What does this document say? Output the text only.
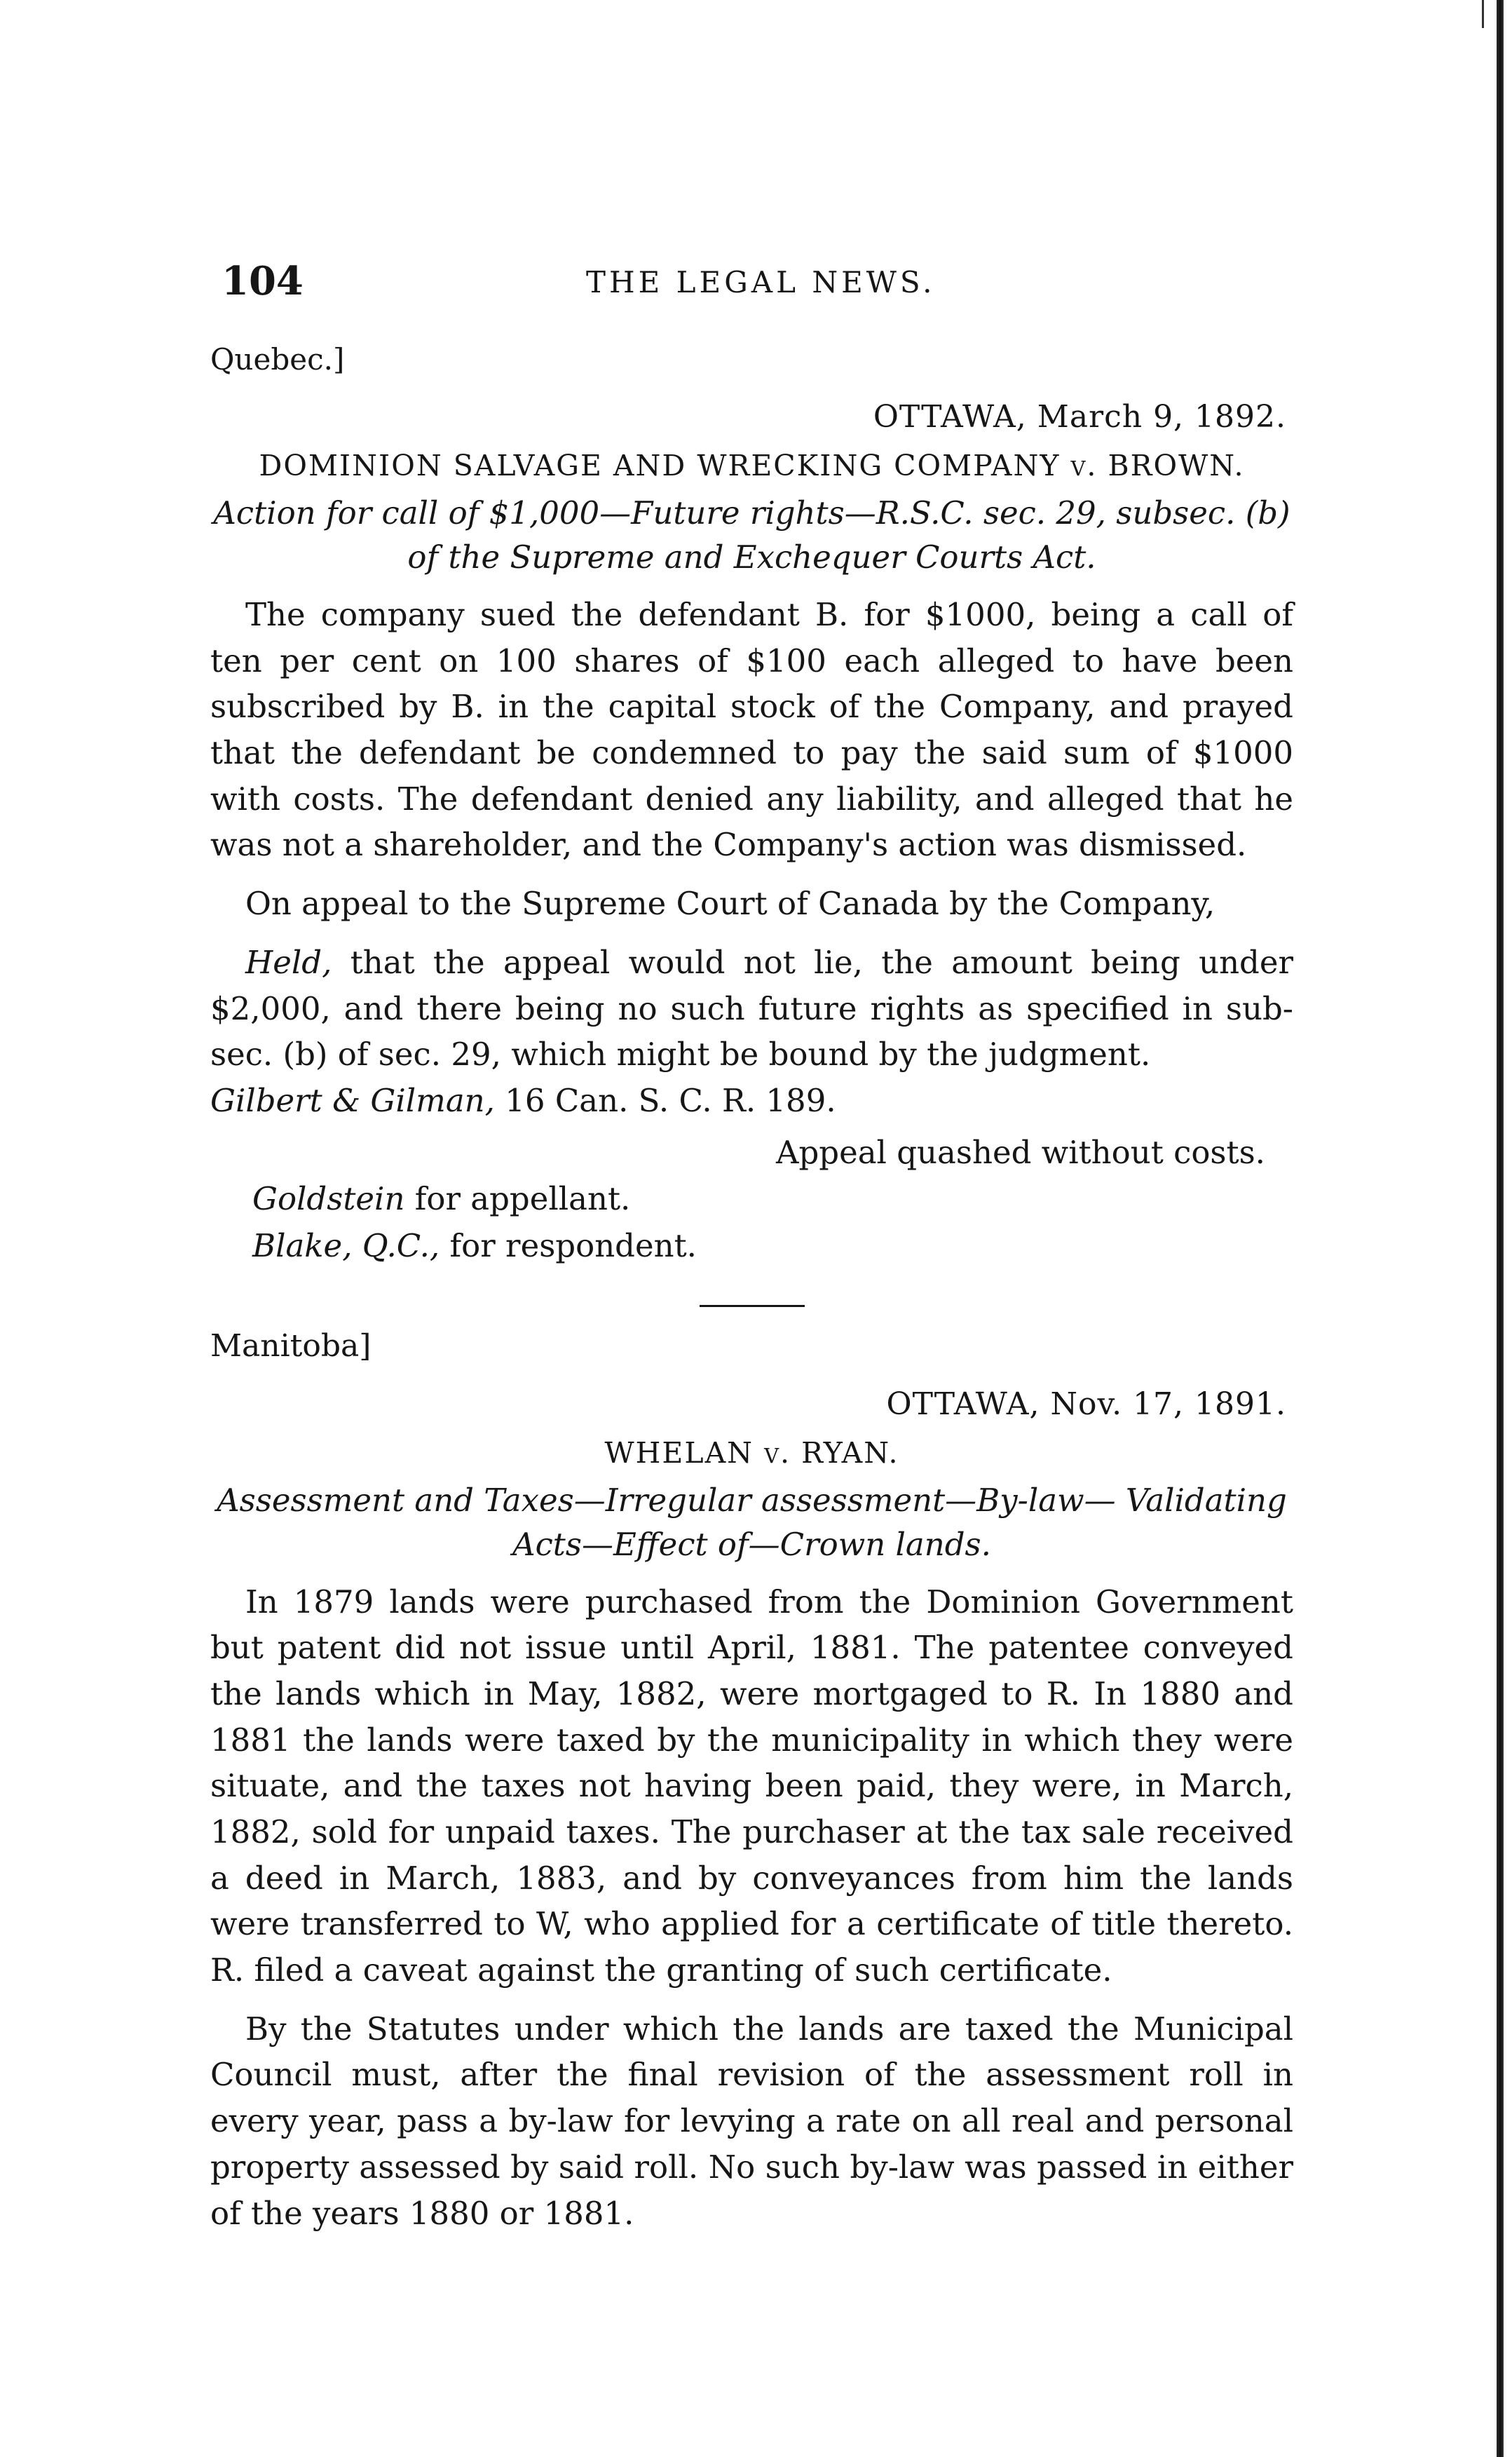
104	THE LEGAL NEWS.
Quebec.]
OTTAWA, March 9, 1892.
DOMINION SALVAGE AND WRECKING COMPANY v. BROWN.
Action for call of $1,000—Future rights—R.S.C. sec. 29, subsec. (b)
of the Supreme and Exchequer Courts Act.

The company sued the defendant B. for $1000, being a call of ten per cent on 100 shares of $100 each alleged to have been subscribed by B. in the capital stock of the Company, and prayed that the defendant be condemned to pay the said sum of $1000 with costs. The defendant denied any liability, and alleged that he was not a shareholder, and the Company's action was dismissed.

On appeal to the Supreme Court of Canada by the Company,

Held, that the appeal would not lie, the amount being under $2,000, and there being no such future rights as specified in sub-sec. (b) of sec. 29, which might be bound by the judgment.

Gilbert & Gilman, 16 Can. S. C. R. 189.
Appeal quashed without costs.
Goldstein for appellant.
Blake, Q.C., for respondent.
Manitoba]
OTTAWA, Nov. 17, 1891.
WHELAN v. RYAN.
Assessment and Taxes—Irregular assessment—By-law— Validating
Acts—Effect of—Crown lands.

In 1879 lands were purchased from the Dominion Government but patent did not issue until April, 1881. The patentee conveyed the lands which in May, 1882, were mortgaged to R. In 1880 and 1881 the lands were taxed by the municipality in which they were situate, and the taxes not having been paid, they were, in March, 1882, sold for unpaid taxes. The purchaser at the tax sale received a deed in March, 1883, and by conveyances from him the lands were transferred to W, who applied for a certificate of title thereto. R. filed a caveat against the granting of such certificate.

By the Statutes under which the lands are taxed the Municipal Council must, after the final revision of the assessment roll in every year, pass a by-law for levying a rate on all real and personal property assessed by said roll. No such by-law was passed in either of the years 1880 or 1881.
